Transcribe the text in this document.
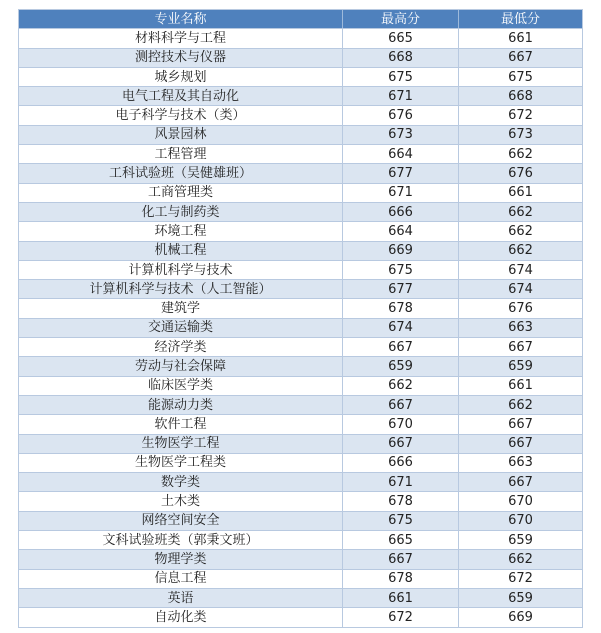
专业名称	最高分	最低分
材料科学与工程	665	661
测控技术与仪器	668	667
城乡规划	675	675
电气工程及其自动化	671	668
电子科学与技术（类）	676	672
风景园林	673	673
工程管理	664	662
工科试验班（吴健雄班）	677	676
工商管理类	671	661
化工与制药类	666	662
环境工程	664	662
机械工程	669	662
计算机科学与技术	675	674
计算机科学与技术（人工智能）	677	674
建筑学	678	676
交通运输类	674	663
经济学类	667	667
劳动与社会保障	659	659
临床医学类	662	661
能源动力类	667	662
软件工程	670	667
生物医学工程	667	667
生物医学工程类	666	663
数学类	671	667
土木类	678	670
网络空间安全	675	670
文科试验班类（郭秉文班）	665	659
物理学类	667	662
信息工程	678	672
英语	661	659
自动化类	672	669
